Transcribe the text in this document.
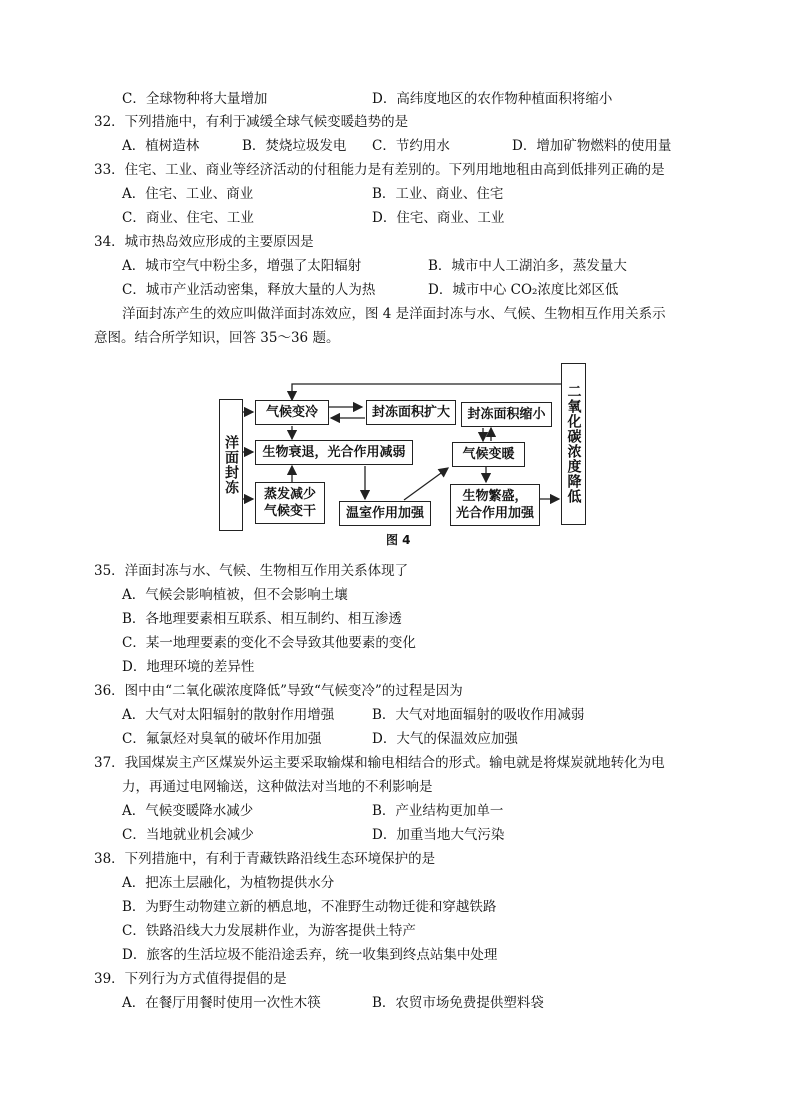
C．全球物种将大量增加	D．高纬度地区的农作物种植面积将缩小
32．下列措施中，有利于减缓全球气候变暖趋势的是
A．植树造林	B．焚烧垃圾发电 C．节约用水	D．增加矿物燃料的使用量
33．住宅、工业、商业等经济活动的付租能力是有差别的。下列用地地租由高到低排列正确的是
A．住宅、工业、商业	B．工业、商业、住宅
C．商业、住宅、工业	D．住宅、商业、工业
34．城市热岛效应形成的主要原因是
A．城市空气中粉尘多，增强了太阳辐射	B．城市中人工湖泊多，蒸发量大
C．城市产业活动密集，释放大量的人为热	D．城市中心 CO₂浓度比郊区低
洋面封冻产生的效应叫做洋面封冻效应，图 4 是洋面封冻与水、气候、生物相互作用关系示
意图。结合所学知识，回答 35～36 题。
洋面封冻	二氧化碳浓度降低
气候变冷	封冻面积扩大	封冻面积缩小
生物衰退，光合作用减弱	气候变暖
蒸发减少
气候变干	温室作用加强
生物繁盛，
光合作用加强
图 4
35．洋面封冻与水、气候、生物相互作用关系体现了
A．气候会影响植被，但不会影响土壤
B．各地理要素相互联系、相互制约、相互渗透
C．某一地理要素的变化不会导致其他要素的变化
D．地理环境的差异性
36．图中由“二氧化碳浓度降低”导致“气候变冷”的过程是因为
A．大气对太阳辐射的散射作用增强	B．大气对地面辐射的吸收作用减弱
C．氟氯烃对臭氧的破坏作用加强	D．大气的保温效应加强
37．我国煤炭主产区煤炭外运主要采取输煤和输电相结合的形式。输电就是将煤炭就地转化为电
力，再通过电网输送，这种做法对当地的不利影响是
A．气候变暖降水减少	B．产业结构更加单一
C．当地就业机会减少	D．加重当地大气污染
38．下列措施中，有利于青藏铁路沿线生态环境保护的是
A．把冻土层融化，为植物提供水分
B．为野生动物建立新的栖息地，不准野生动物迁徙和穿越铁路
C．铁路沿线大力发展耕作业，为游客提供土特产
D．旅客的生活垃圾不能沿途丢弃，统一收集到终点站集中处理
39．下列行为方式值得提倡的是
A．在餐厅用餐时使用一次性木筷	B．农贸市场免费提供塑料袋
